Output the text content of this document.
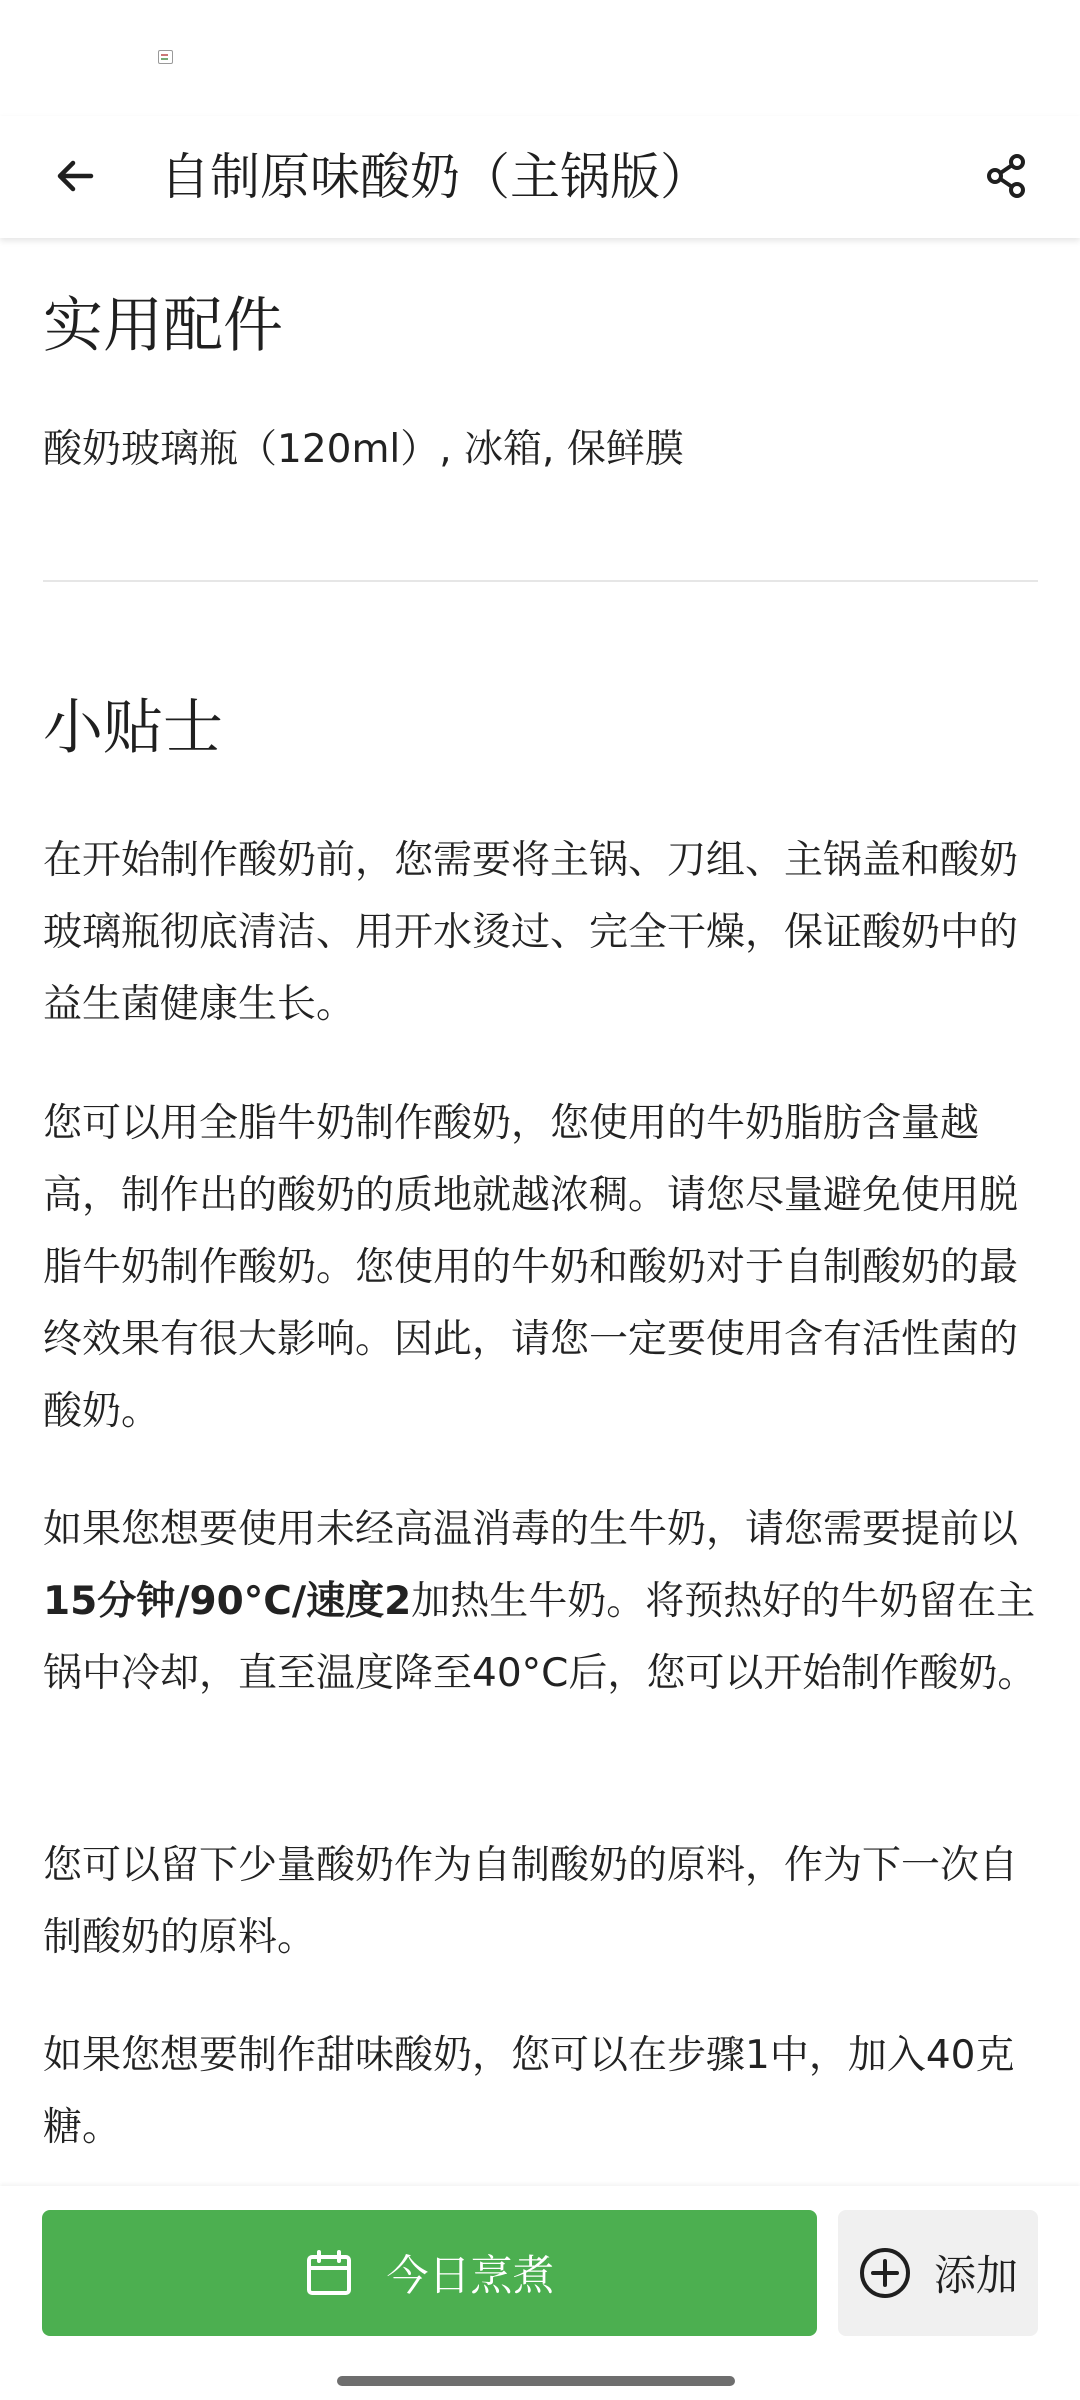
自制原味酸奶（主锅版）
实用配件

酸奶玻璃瓶（120ml）, 冰箱, 保鲜膜

小贴士

在开始制作酸奶前，您需要将主锅、刀组、主锅盖和酸奶玻璃瓶彻底清洁、用开水烫过、完全干燥，保证酸奶中的益生菌健康生长。

您可以用全脂牛奶制作酸奶，您使用的牛奶脂肪含量越高，制作出的酸奶的质地就越浓稠。请您尽量避免使用脱脂牛奶制作酸奶。您使用的牛奶和酸奶对于自制酸奶的最终效果有很大影响。因此，请您一定要使用含有活性菌的酸奶。

如果您想要使用未经高温消毒的生牛奶，请您需要提前以15分钟/90°C/速度2加热生牛奶。将预热好的牛奶留在主锅中冷却，直至温度降至40°C后，您可以开始制作酸奶。

您可以留下少量酸奶作为自制酸奶的原料，作为下一次自制酸奶的原料。

如果您想要制作甜味酸奶，您可以在步骤1中，加入40克糖。

今日烹煮	添加
